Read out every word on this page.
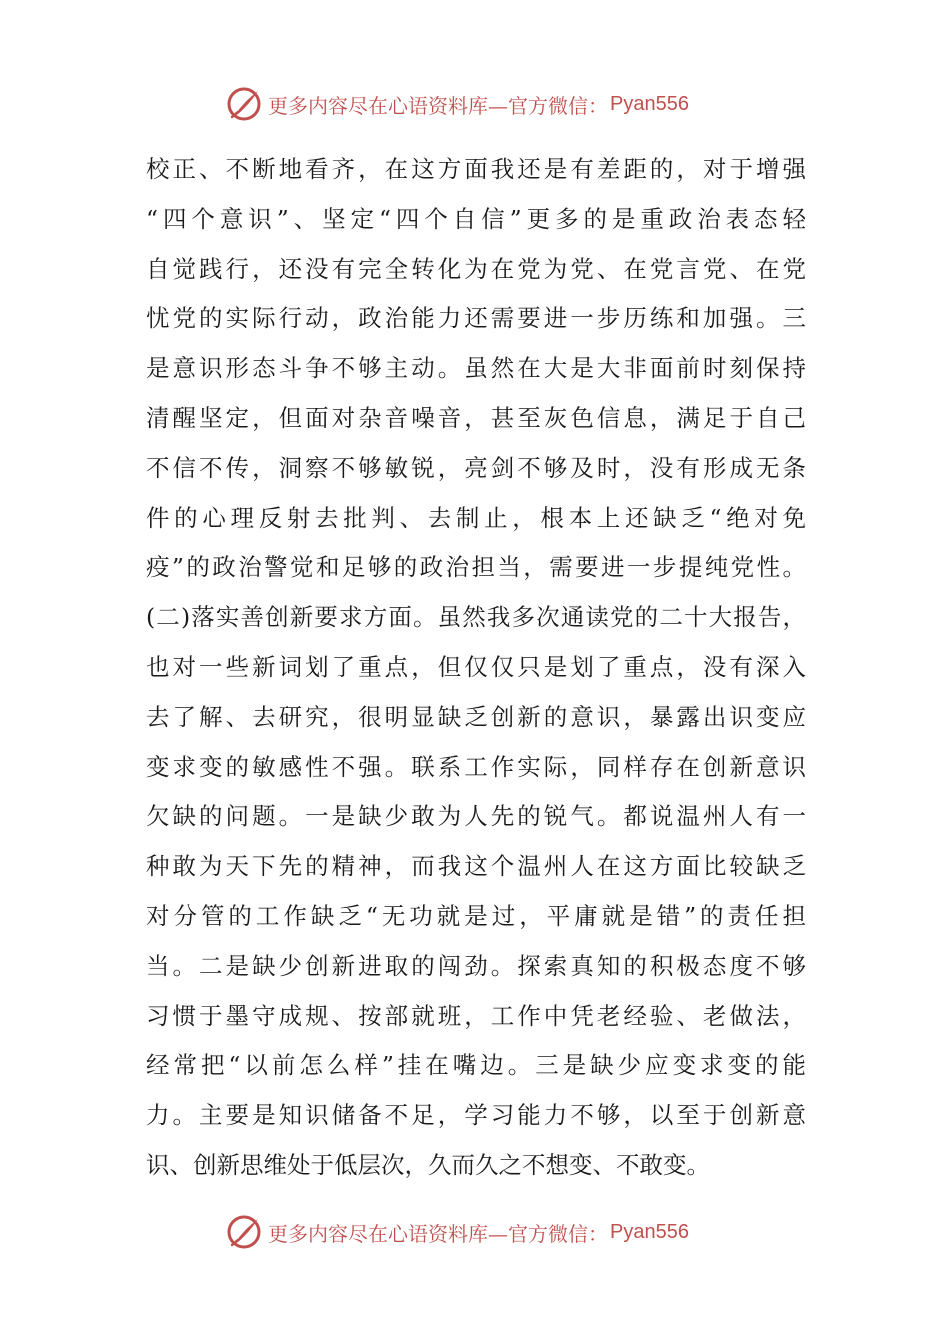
更多内容尽在心语资料库—官方微信： Pyan556
校正、不断地看齐，在这方面我还是有差距的，对于增强
“四个意识”、坚定“四个自信”更多的是重政治表态轻
自觉践行，还没有完全转化为在党为党、在党言党、在党
忧党的实际行动，政治能力还需要进一步历练和加强。三
是意识形态斗争不够主动。虽然在大是大非面前时刻保持
清醒坚定，但面对杂音噪音，甚至灰色信息，满足于自己
不信不传，洞察不够敏锐，亮剑不够及时，没有形成无条
件的心理反射去批判、去制止，根本上还缺乏“绝对免
疫”的政治警觉和足够的政治担当，需要进一步提纯党性。
(二)落实善创新要求方面。虽然我多次通读党的二十大报告，
也对一些新词划了重点，但仅仅只是划了重点，没有深入
去了解、去研究，很明显缺乏创新的意识，暴露出识变应
变求变的敏感性不强。联系工作实际，同样存在创新意识
欠缺的问题。一是缺少敢为人先的锐气。都说温州人有一
种敢为天下先的精神，而我这个温州人在这方面比较缺乏
对分管的工作缺乏“无功就是过，平庸就是错”的责任担
当。二是缺少创新进取的闯劲。探索真知的积极态度不够
习惯于墨守成规、按部就班，工作中凭老经验、老做法，
经常把“以前怎么样”挂在嘴边。三是缺少应变求变的能
力。主要是知识储备不足，学习能力不够，以至于创新意
识、创新思维处于低层次，久而久之不想变、不敢变。
更多内容尽在心语资料库—官方微信： Pyan556
